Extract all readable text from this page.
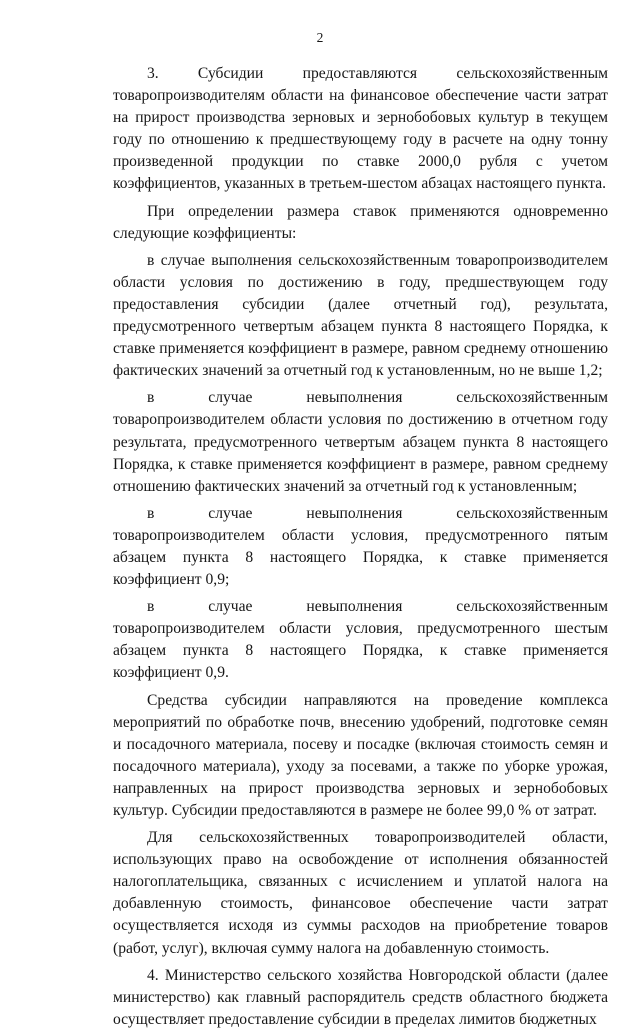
2

3. Субсидии предоставляются сельскохозяйственным товаропроизводителям области на финансовое обеспечение части затрат на прирост производства зерновых и зернобобовых культур в текущем году по отношению к предшествующему году в расчете на одну тонну произведенной продукции по ставке 2000,0 рубля с учетом коэффициентов, указанных в третьем-шестом абзацах настоящего пункта.

При определении размера ставок применяются одновременно следующие коэффициенты:

в случае выполнения сельскохозяйственным товаропроизводителем области условия по достижению в году, предшествующем году предоставления субсидии (далее отчетный год), результата, предусмотренного четвертым абзацем пункта 8 настоящего Порядка, к ставке применяется коэффициент в размере, равном среднему отношению фактических значений за отчетный год к установленным, но не выше 1,2;

в случае невыполнения сельскохозяйственным товаропроизводителем области условия по достижению в отчетном году результата, предусмотренного четвертым абзацем пункта 8 настоящего Порядка, к ставке применяется коэффициент в размере, равном среднему отношению фактических значений за отчетный год к установленным;

в случае невыполнения сельскохозяйственным товаропроизводителем области условия, предусмотренного пятым абзацем пункта 8 настоящего Порядка, к ставке применяется коэффициент 0,9;

в случае невыполнения сельскохозяйственным товаропроизводителем области условия, предусмотренного шестым абзацем пункта 8 настоящего Порядка, к ставке применяется коэффициент 0,9.

Средства субсидии направляются на проведение комплекса мероприятий по обработке почв, внесению удобрений, подготовке семян и посадочного материала, посеву и посадке (включая стоимость семян и посадочного материала), уходу за посевами, а также по уборке урожая, направленных на прирост производства зерновых и зернобобовых культур. Субсидии предоставляются в размере не более 99,0 % от затрат.

Для сельскохозяйственных товаропроизводителей области, использующих право на освобождение от исполнения обязанностей налогоплательщика, связанных с исчислением и уплатой налога на добавленную стоимость, финансовое обеспечение части затрат осуществляется исходя из суммы расходов на приобретение товаров (работ, услуг), включая сумму налога на добавленную стоимость.

4. Министерство сельского хозяйства Новгородской области (далее министерство) как главный распорядитель средств областного бюджета осуществляет предоставление субсидии в пределах лимитов бюджетных
